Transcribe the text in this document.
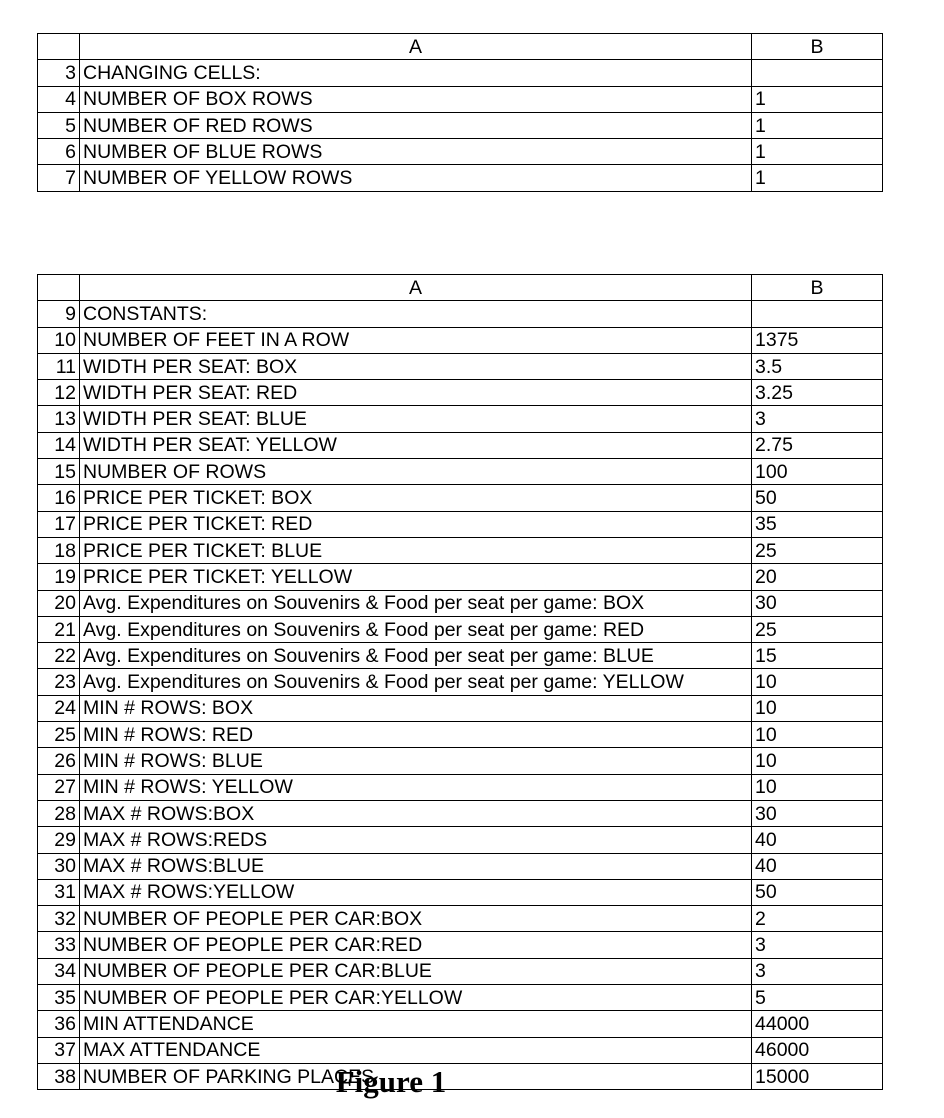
	A	B
3	CHANGING CELLS:	
4	NUMBER OF BOX ROWS	1
5	NUMBER OF RED ROWS	1
6	NUMBER OF BLUE ROWS	1
7	NUMBER OF YELLOW ROWS	1
	A	B
9	CONSTANTS:	
10	NUMBER OF FEET IN A ROW	1375
11	WIDTH PER SEAT: BOX	3.5
12	WIDTH PER SEAT: RED	3.25
13	WIDTH PER SEAT: BLUE	3
14	WIDTH PER SEAT: YELLOW	2.75
15	NUMBER OF ROWS	100
16	PRICE PER TICKET: BOX	50
17	PRICE PER TICKET: RED	35
18	PRICE PER TICKET: BLUE	25
19	PRICE PER TICKET: YELLOW	20
20	Avg. Expenditures on Souvenirs & Food per seat per game: BOX	30
21	Avg. Expenditures on Souvenirs & Food per seat per game: RED	25
22	Avg. Expenditures on Souvenirs & Food per seat per game: BLUE	15
23	Avg. Expenditures on Souvenirs & Food per seat per game: YELLOW	10
24	MIN # ROWS: BOX	10
25	MIN # ROWS: RED	10
26	MIN # ROWS: BLUE	10
27	MIN # ROWS: YELLOW	10
28	MAX # ROWS:BOX	30
29	MAX # ROWS:REDS	40
30	MAX # ROWS:BLUE	40
31	MAX # ROWS:YELLOW	50
32	NUMBER OF PEOPLE PER CAR:BOX	2
33	NUMBER OF PEOPLE PER CAR:RED	3
34	NUMBER OF PEOPLE PER CAR:BLUE	3
35	NUMBER OF PEOPLE PER CAR:YELLOW	5
36	MIN ATTENDANCE	44000
37	MAX ATTENDANCE	46000
38	NUMBER OF PARKING PLACES	15000
Figure 1
